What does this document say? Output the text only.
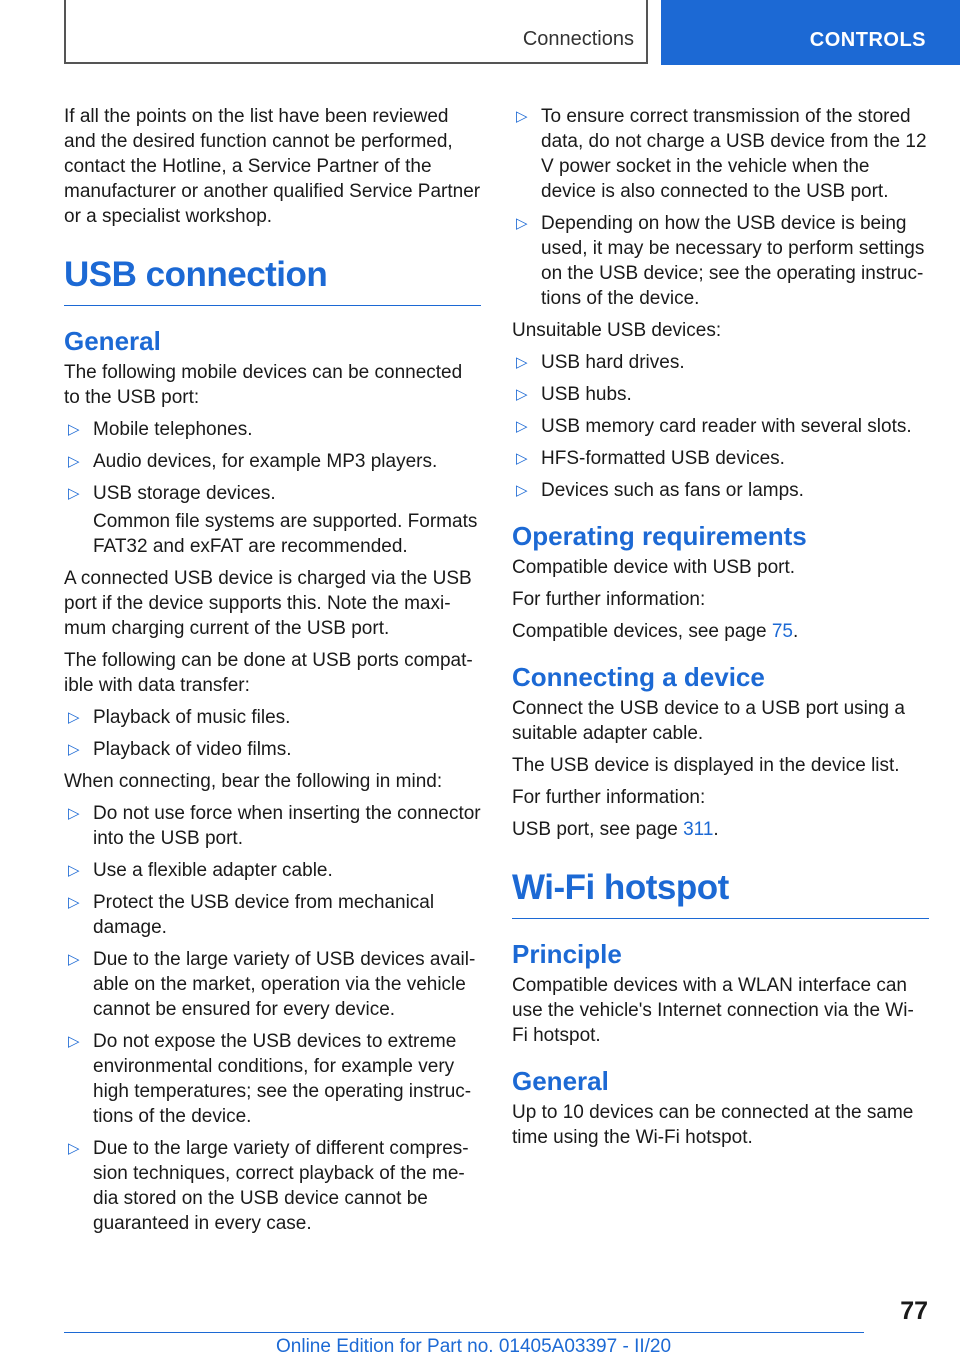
Connections	CONTROLS

If all the points on the list have been reviewed and the desired function cannot be performed, contact the Hotline, a Service Partner of the manufacturer or another qualified Service Partner or a specialist workshop.

USB connection
General

The following mobile devices can be connected to the USB port:

▷ Mobile telephones.
▷ Audio devices, for example MP3 players.
▷ USB storage devices.
Common file systems are supported. Formats FAT32 and exFAT are recommended.

A connected USB device is charged via the USB port if the device supports this. Note the maximum charging current of the USB port.

The following can be done at USB ports compatible with data transfer:

▷ Playback of music files.
▷ Playback of video films.

When connecting, bear the following in mind:

▷ Do not use force when inserting the connector into the USB port.
▷ Use a flexible adapter cable.
▷ Protect the USB device from mechanical damage.
▷ Due to the large variety of USB devices available on the market, operation via the vehicle cannot be ensured for every device.
▷ Do not expose the USB devices to extreme environmental conditions, for example very high temperatures; see the operating instructions of the device.
▷ Due to the large variety of different compression techniques, correct playback of the media stored on the USB device cannot be guaranteed in every case.
▷ To ensure correct transmission of the stored data, do not charge a USB device from the 12 V power socket in the vehicle when the device is also connected to the USB port.
▷ Depending on how the USB device is being used, it may be necessary to perform settings on the USB device; see the operating instructions of the device.

Unsuitable USB devices:

▷ USB hard drives.
▷ USB hubs.
▷ USB memory card reader with several slots.
▷ HFS-formatted USB devices.
▷ Devices such as fans or lamps.
Operating requirements

Compatible device with USB port.

For further information:

Compatible devices, see page 75.

Connecting a device

Connect the USB device to a USB port using a suitable adapter cable.

The USB device is displayed in the device list.

For further information:

USB port, see page 311.

Wi-Fi hotspot
Principle

Compatible devices with a WLAN interface can use the vehicle's Internet connection via the Wi-Fi hotspot.

General

Up to 10 devices can be connected at the same time using the Wi-Fi hotspot.

77
Online Edition for Part no. 01405A03397 - II/20
